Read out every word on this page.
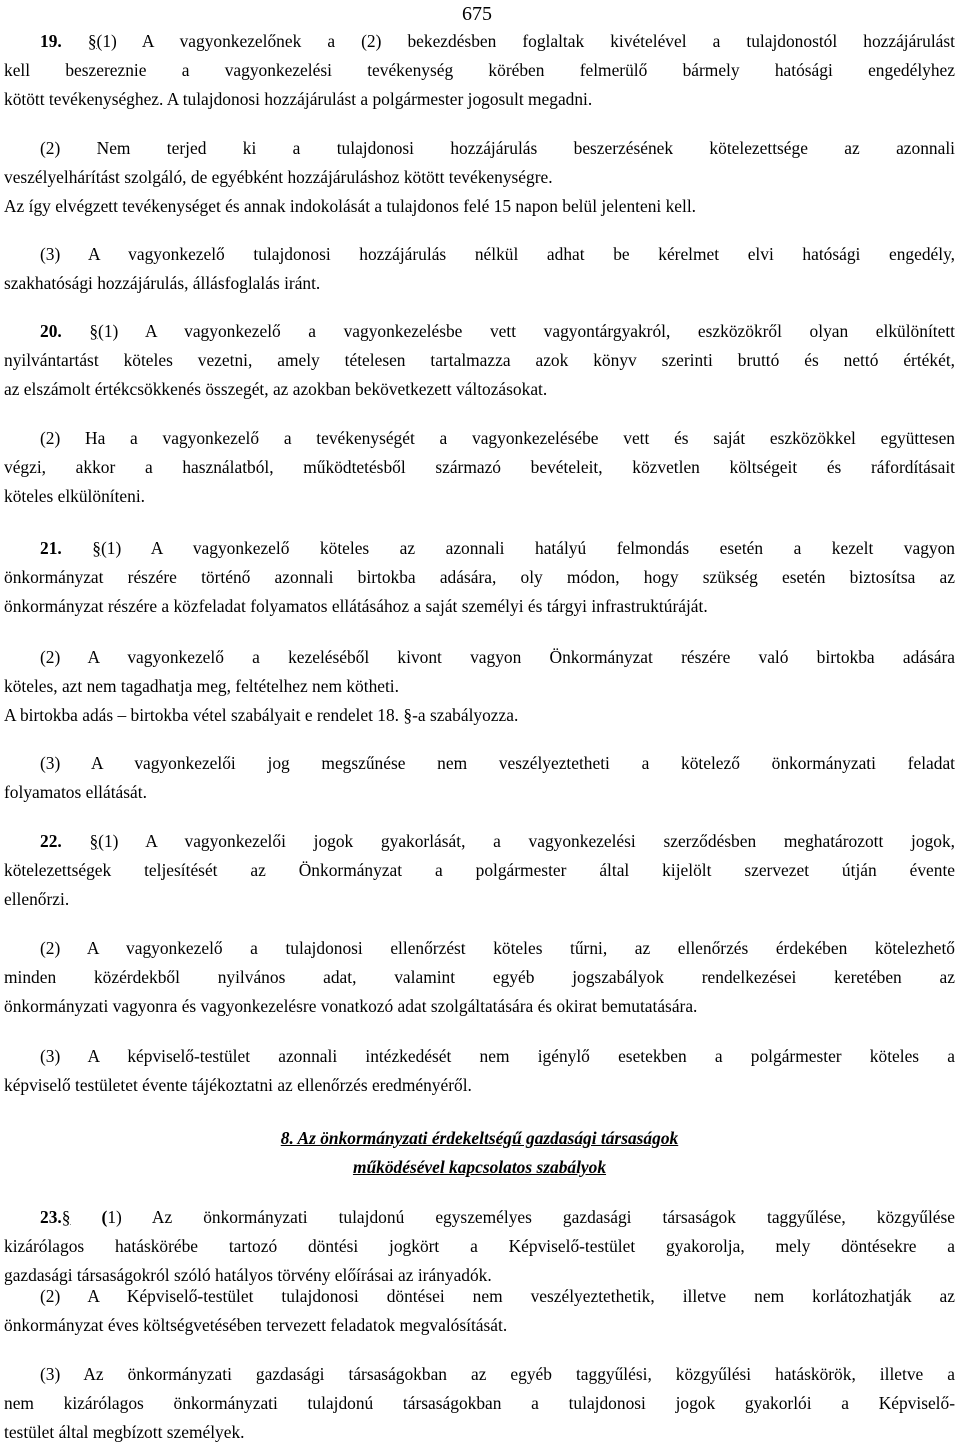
675
19. §(1) A vagyonkezelőnek a (2) bekezdésben foglaltak kivételével a tulajdonostól hozzájárulást
kell beszereznie a vagyonkezelési tevékenység körében felmerülő bármely hatósági engedélyhez
kötött tevékenységhez. A tulajdonosi hozzájárulást a polgármester jogosult megadni.
(2) Nem terjed ki a tulajdonosi hozzájárulás beszerzésének kötelezettsége az azonnali
veszélyelhárítást szolgáló, de egyébként hozzájáruláshoz kötött tevékenységre.
Az így elvégzett tevékenységet és annak indokolását a tulajdonos felé 15 napon belül jelenteni kell.
(3) A vagyonkezelő tulajdonosi hozzájárulás nélkül adhat be kérelmet elvi hatósági engedély,
szakhatósági hozzájárulás, állásfoglalás iránt.
20. §(1) A vagyonkezelő a vagyonkezelésbe vett vagyontárgyakról, eszközökről olyan elkülönített
nyilvántartást köteles vezetni, amely tételesen tartalmazza azok könyv szerinti bruttó és nettó értékét,
az elszámolt értékcsökkenés összegét, az azokban bekövetkezett változásokat.
(2) Ha a vagyonkezelő a tevékenységét a vagyonkezelésébe vett és saját eszközökkel együttesen
végzi, akkor a használatból, működtetésből származó bevételeit, közvetlen költségeit és ráfordításait
köteles elkülöníteni.
21. §(1) A vagyonkezelő köteles az azonnali hatályú felmondás esetén a kezelt vagyon
önkormányzat részére történő azonnali birtokba adására, oly módon, hogy szükség esetén biztosítsa az
önkormányzat részére a közfeladat folyamatos ellátásához a saját személyi és tárgyi infrastruktúráját.
(2) A vagyonkezelő a kezeléséből kivont vagyon Önkormányzat részére való birtokba adására
köteles, azt nem tagadhatja meg, feltételhez nem kötheti.
A birtokba adás – birtokba vétel szabályait e rendelet 18. §-a szabályozza.
(3) A vagyonkezelői jog megszűnése nem veszélyeztetheti a kötelező önkormányzati feladat
folyamatos ellátását.
22. §(1) A vagyonkezelői jogok gyakorlását, a vagyonkezelési szerződésben meghatározott jogok,
kötelezettségek teljesítését az Önkormányzat a polgármester által kijelölt szervezet útján évente
ellenőrzi.
(2) A vagyonkezelő a tulajdonosi ellenőrzést köteles tűrni, az ellenőrzés érdekében kötelezhető
minden közérdekből nyilvános adat, valamint egyéb jogszabályok rendelkezései keretében az
önkormányzati vagyonra és vagyonkezelésre vonatkozó adat szolgáltatására és okirat bemutatására.
(3) A képviselő-testület azonnali intézkedését nem igénylő esetekben a polgármester köteles a
képviselő testületet évente tájékoztatni az ellenőrzés eredményéről.
8. Az önkormányzati érdekeltségű gazdasági társaságok
működésével kapcsolatos szabályok
23.§ (1) Az önkormányzati tulajdonú egyszemélyes gazdasági társaságok taggyűlése, közgyűlése
kizárólagos hatáskörébe tartozó döntési jogkört a Képviselő-testület gyakorolja, mely döntésekre a
gazdasági társaságokról szóló hatályos törvény előírásai az irányadók.
(2) A Képviselő-testület tulajdonosi döntései nem veszélyeztethetik, illetve nem korlátozhatják az
önkormányzat éves költségvetésében tervezett feladatok megvalósítását.
(3) Az önkormányzati gazdasági társaságokban az egyéb taggyűlési, közgyűlési hatáskörök, illetve a
nem kizárólagos önkormányzati tulajdonú társaságokban a tulajdonosi jogok gyakorlói a Képviselő-
testület által megbízott személyek.
